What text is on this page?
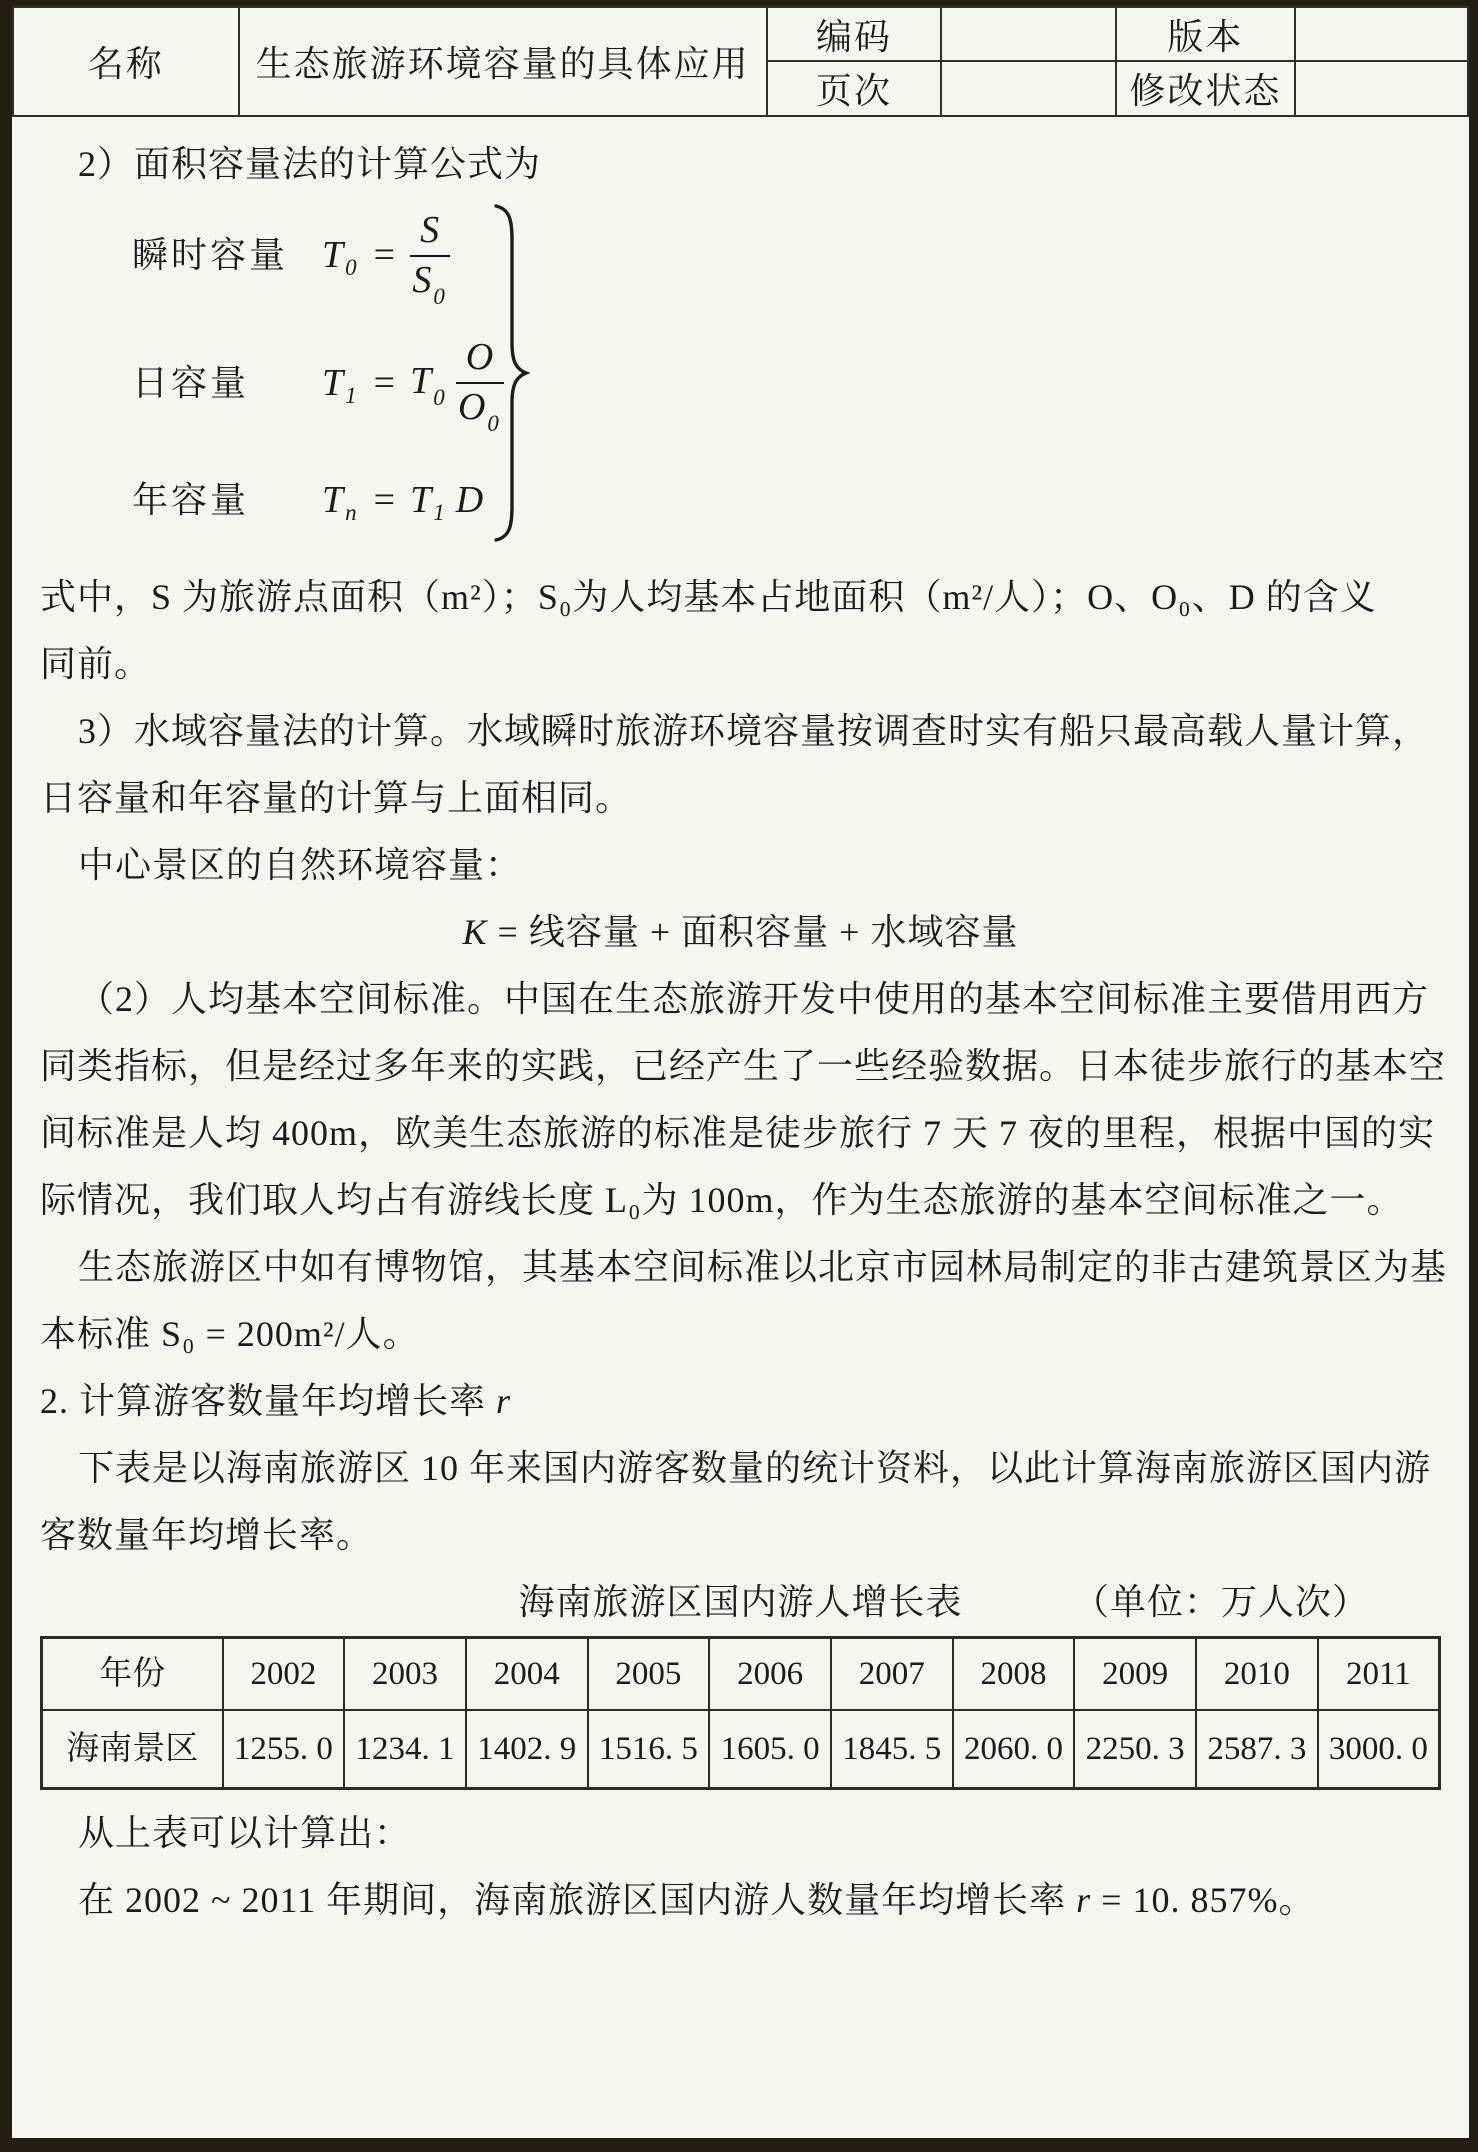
名称	生态旅游环境容量的具体应用	编码		版本	
		页次		修改状态	
2）面积容量法的计算公式为
瞬时容量 T $0 = \frac{S}{S0}$
日容量	T $1 = T0 \frac{O}{O0}$
年容量	T n = T 1 D
式中，S 为旅游点面积（m²）；S₀为人均基本占地面积（m²/人）；O、O₀、D 的含义
同前。
3）水域容量法的计算。水域瞬时旅游环境容量按调查时实有船只最高载人量计算，
日容量和年容量的计算与上面相同。
中心景区的自然环境容量：
K = 线容量 + 面积容量 + 水域容量
（2）人均基本空间标准。中国在生态旅游开发中使用的基本空间标准主要借用西方
同类指标，但是经过多年来的实践，已经产生了一些经验数据。日本徒步旅行的基本空
间标准是人均 400m，欧美生态旅游的标准是徒步旅行 7 天 7 夜的里程，根据中国的实
际情况，我们取人均占有游线长度 L₀为 100m，作为生态旅游的基本空间标准之一。
生态旅游区中如有博物馆，其基本空间标准以北京市园林局制定的非古建筑景区为基
本标准 S₀ = 200m²/人。
2. 计算游客数量年均增长率 r
下表是以海南旅游区 10 年来国内游客数量的统计资料，以此计算海南旅游区国内游
客数量年均增长率。
海南旅游区国内游人增长表	（单位：万人次）
年份	2002	2003	2004	2005	2006	2007	2008	2009	2010	2011
海南景区	1255. 0	1234. 1	1402. 9	1516. 5	1605. 0	1845. 5	2060. 0	2250. 3	2587. 3	3000. 0
从上表可以计算出：
在 2002 ~ 2011 年期间，海南旅游区国内游人数量年均增长率 r = 10. 857%。
